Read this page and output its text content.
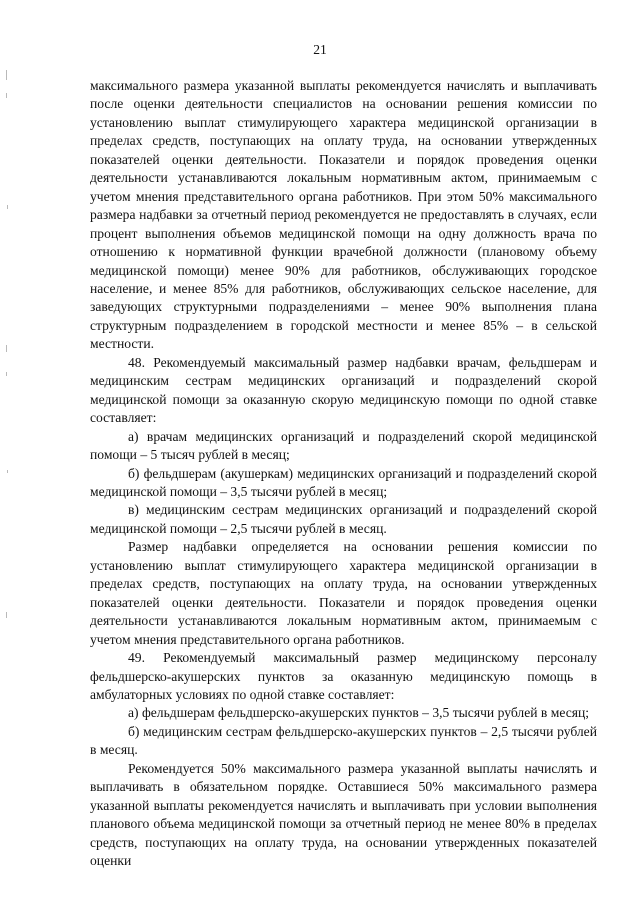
21

максимального размера указанной выплаты рекомендуется начислять и выплачивать после оценки деятельности специалистов на основании решения комиссии по установлению выплат стимулирующего характера медицинской организации в пределах средств, поступающих на оплату труда, на основании утвержденных показателей оценки деятельности. Показатели и порядок проведения оценки деятельности устанавливаются локальным нормативным актом, принимаемым с учетом мнения представительного органа работников. При этом 50% максимального размера надбавки за отчетный период рекомендуется не предоставлять в случаях, если процент выполнения объемов медицинской помощи на одну должность врача по отношению к нормативной функции врачебной должности (плановому объему медицинской помощи) менее 90% для работников, обслуживающих городское население, и менее 85% для работников, обслуживающих сельское население, для заведующих структурными подразделениями – менее 90% выполнения плана структурным подразделением в городской местности и менее 85% – в сельской местности.

48. Рекомендуемый максимальный размер надбавки врачам, фельдшерам и медицинским сестрам медицинских организаций и подразделений скорой медицинской помощи за оказанную скорую медицинскую помощи по одной ставке составляет:

а) врачам медицинских организаций и подразделений скорой медицинской помощи – 5 тысяч рублей в месяц;

б) фельдшерам (акушеркам) медицинских организаций и подразделений скорой медицинской помощи – 3,5 тысячи рублей в месяц;

в) медицинским сестрам медицинских организаций и подразделений скорой медицинской помощи – 2,5 тысячи рублей в месяц.

Размер надбавки определяется на основании решения комиссии по установлению выплат стимулирующего характера медицинской организации в пределах средств, поступающих на оплату труда, на основании утвержденных показателей оценки деятельности. Показатели и порядок проведения оценки деятельности устанавливаются локальным нормативным актом, принимаемым с учетом мнения представительного органа работников.

49. Рекомендуемый максимальный размер медицинскому персоналу фельдшерско-акушерских пунктов за оказанную медицинскую помощь в амбулаторных условиях по одной ставке составляет:

а) фельдшерам фельдшерско-акушерских пунктов – 3,5 тысячи рублей в месяц;

б) медицинским сестрам фельдшерско-акушерских пунктов – 2,5 тысячи рублей в месяц.

Рекомендуется 50% максимального размера указанной выплаты начислять и выплачивать в обязательном порядке. Оставшиеся 50% максимального размера указанной выплаты рекомендуется начислять и выплачивать при условии выполнения планового объема медицинской помощи за отчетный период не менее 80% в пределах средств, поступающих на оплату труда, на основании утвержденных показателей оценки
